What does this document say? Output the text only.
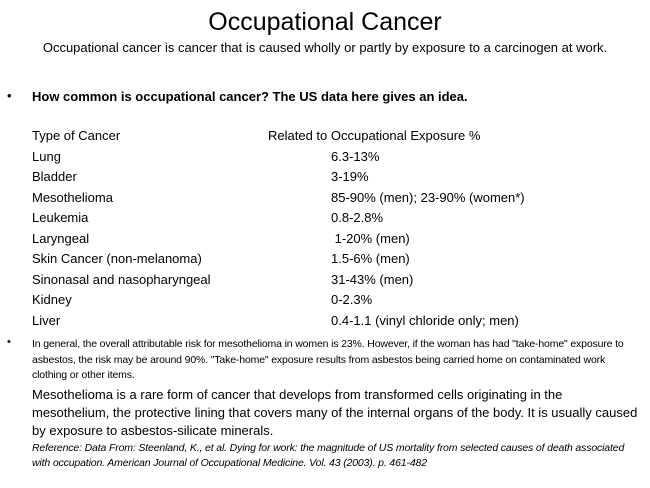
Occupational Cancer
Occupational cancer is cancer that is caused wholly or partly by exposure to a carcinogen at work.
• How common is occupational cancer? The US data here gives an idea.
Type of Cancer	Related to Occupational Exposure %
Lung	6.3-13%
Bladder	3-19%
Mesothelioma	85-90% (men); 23-90% (women*)
Leukemia	0.8-2.8%
Laryngeal	1-20% (men)
Skin Cancer (non-melanoma)	1.5-6% (men)
Sinonasal and nasopharyngeal	31-43% (men)
Kidney	0-2.3%
Liver	0.4-1.1 (vinyl chloride only; men)
• In general, the overall attributable risk for mesothelioma in women is 23%. However, if the woman has had "take-home" exposure to asbestos, the risk may be around 90%. "Take-home" exposure results from asbestos being carried home on contaminated work clothing or other items.
Mesothelioma is a rare form of cancer that develops from transformed cells originating in the mesothelium, the protective lining that covers many of the internal organs of the body. It is usually caused by exposure to asbestos-silicate minerals.
Reference: Data From: Steenland, K., et al. Dying for work: the magnitude of US mortality from selected causes of death associated with occupation. American Journal of Occupational Medicine. Vol. 43 (2003). p. 461-482
